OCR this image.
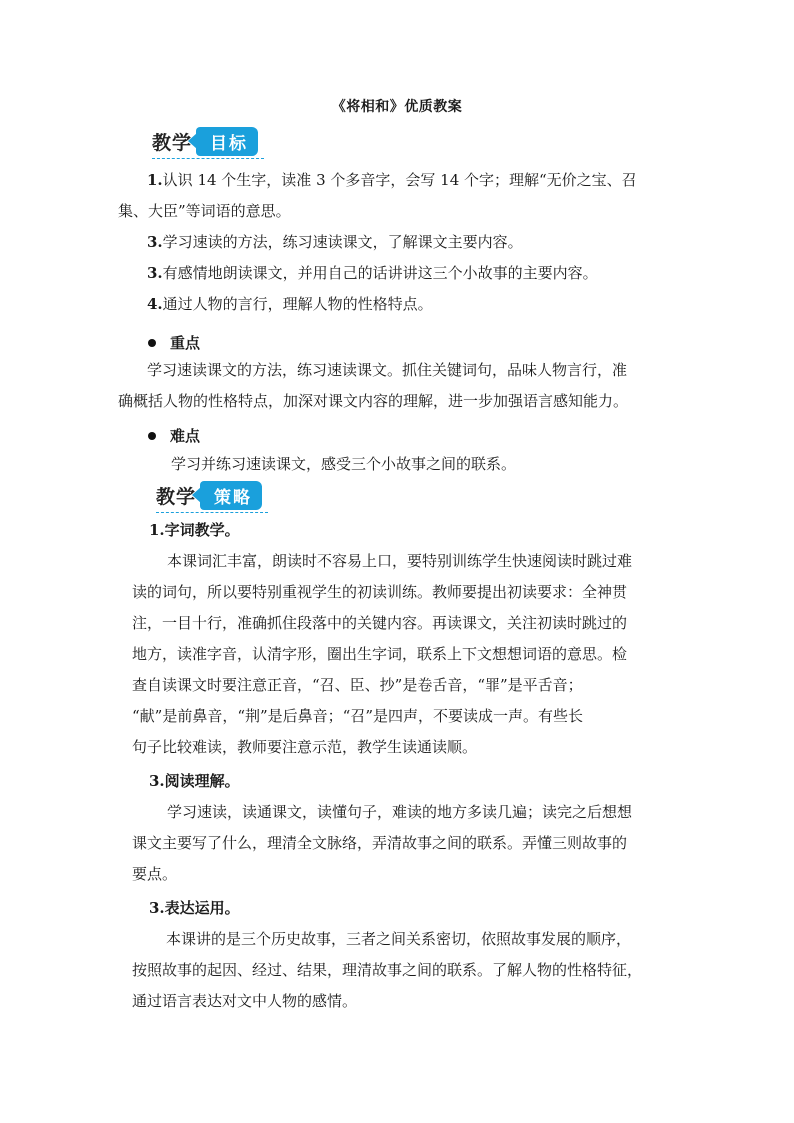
《将相和》优质教案
教学	目标
1.认识 14 个生字，读准 3 个多音字，会写 14 个字；理解“无价之宝、召
集、大臣”等词语的意思。
3.学习速读的方法，练习速读课文，了解课文主要内容。
3.有感情地朗读课文，并用自己的话讲讲这三个小故事的主要内容。
4.通过人物的言行，理解人物的性格特点。
重点
学习速读课文的方法，练习速读课文。抓住关键词句，品味人物言行，准
确概括人物的性格特点，加深对课文内容的理解，进一步加强语言感知能力。
难点
学习并练习速读课文，感受三个小故事之间的联系。
教学	策略
1.字词教学。
本课词汇丰富，朗读时不容易上口，要特别训练学生快速阅读时跳过难
读的词句，所以要特别重视学生的初读训练。教师要提出初读要求：全神贯
注，一目十行，准确抓住段落中的关键内容。再读课文，关注初读时跳过的
地方，读准字音，认清字形，圈出生字词，联系上下文想想词语的意思。检
查自读课文时要注意正音，“召、臣、抄”是卷舌音，“罪”是平舌音；
“献”是前鼻音，“荆”是后鼻音；“召”是四声，不要读成一声。有些长
句子比较难读，教师要注意示范，教学生读通读顺。
3.阅读理解。
学习速读，读通课文，读懂句子，难读的地方多读几遍；读完之后想想
课文主要写了什么，理清全文脉络，弄清故事之间的联系。弄懂三则故事的
要点。
3.表达运用。
本课讲的是三个历史故事，三者之间关系密切，依照故事发展的顺序，
按照故事的起因、经过、结果，理清故事之间的联系。了解人物的性格特征，
通过语言表达对文中人物的感情。
